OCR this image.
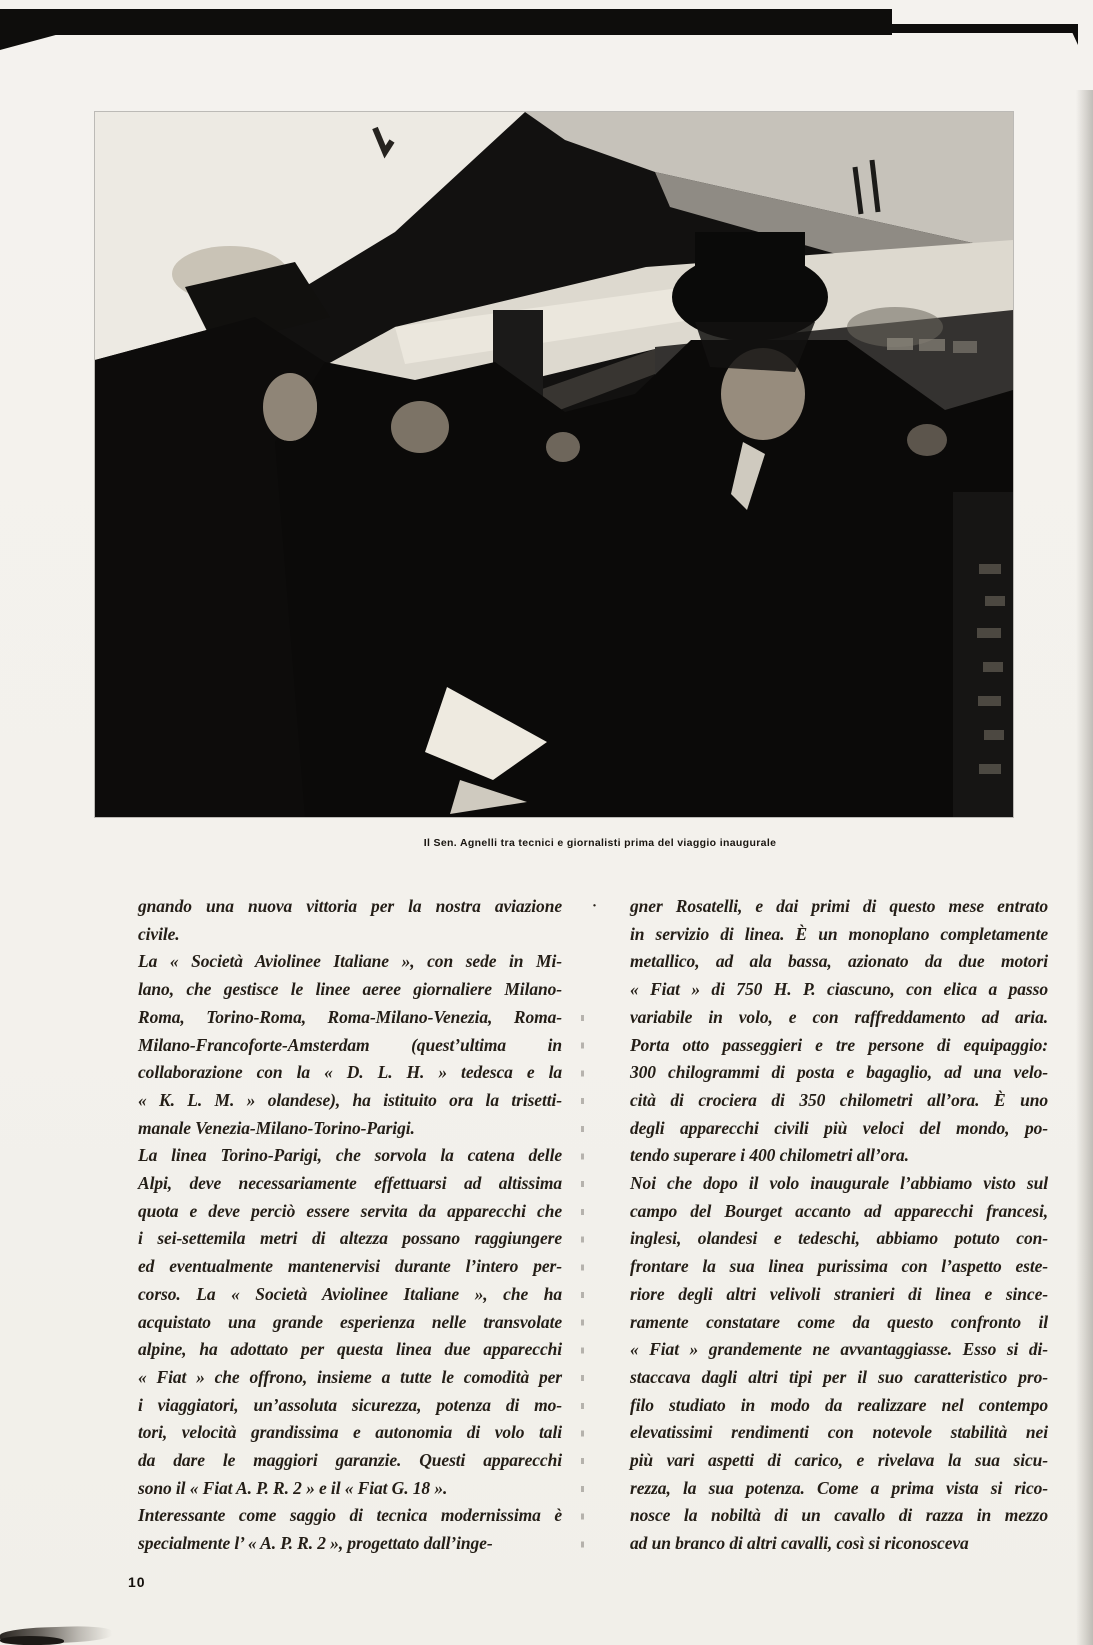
Il Sen. Agnelli tra tecnici e giornalisti prima del viaggio inaugurale
·
gnando una nuova vittoria per la nostra aviazione
civile.
La « Società Aviolinee Italiane », con sede in Mi-
lano, che gestisce le linee aeree giornaliere Milano-
Roma, Torino-Roma, Roma-Milano-Venezia, Roma-
Milano-Francoforte-Amsterdam (quest’ultima in
collaborazione con la « D. L. H. » tedesca e la
« K. L. M. » olandese), ha istituito ora la trisetti-
manale Venezia-Milano-Torino-Parigi.
La linea Torino-Parigi, che sorvola la catena delle
Alpi, deve necessariamente effettuarsi ad altissima
quota e deve perciò essere servita da apparecchi che
i sei-settemila metri di altezza possano raggiungere
ed eventualmente mantenervisi durante l’intero per-
corso. La « Società Aviolinee Italiane », che ha
acquistato una grande esperienza nelle transvolate
alpine, ha adottato per questa linea due apparecchi
« Fiat » che offrono, insieme a tutte le comodità per
i viaggiatori, un’assoluta sicurezza, potenza di mo-
tori, velocità grandissima e autonomia di volo tali
da dare le maggiori garanzie. Questi apparecchi
sono il « Fiat A. P. R. 2 » e il « Fiat G. 18 ».
Interessante come saggio di tecnica modernissima è
specialmente l’ « A. P. R. 2 », progettato dall’inge-
gner Rosatelli, e dai primi di questo mese entrato
in servizio di linea. È un monoplano completamente
metallico, ad ala bassa, azionato da due motori
« Fiat » di 750 H. P. ciascuno, con elica a passo
variabile in volo, e con raffreddamento ad aria.
Porta otto passeggieri e tre persone di equipaggio:
300 chilogrammi di posta e bagaglio, ad una velo-
cità di crociera di 350 chilometri all’ora. È uno
degli apparecchi civili più veloci del mondo, po-
tendo superare i 400 chilometri all’ora.
Noi che dopo il volo inaugurale l’abbiamo visto sul
campo del Bourget accanto ad apparecchi francesi,
inglesi, olandesi e tedeschi, abbiamo potuto con-
frontare la sua linea purissima con l’aspetto este-
riore degli altri velivoli stranieri di linea e since-
ramente constatare come da questo confronto il
« Fiat » grandemente ne avvantaggiasse. Esso si di-
staccava dagli altri tipi per il suo caratteristico pro-
filo studiato in modo da realizzare nel contempo
elevatissimi rendimenti con notevole stabilità nei
più vari aspetti di carico, e rivelava la sua sicu-
rezza, la sua potenza. Come a prima vista si rico-
nosce la nobiltà di un cavallo di razza in mezzo
ad un branco di altri cavalli, così si riconosceva
10
